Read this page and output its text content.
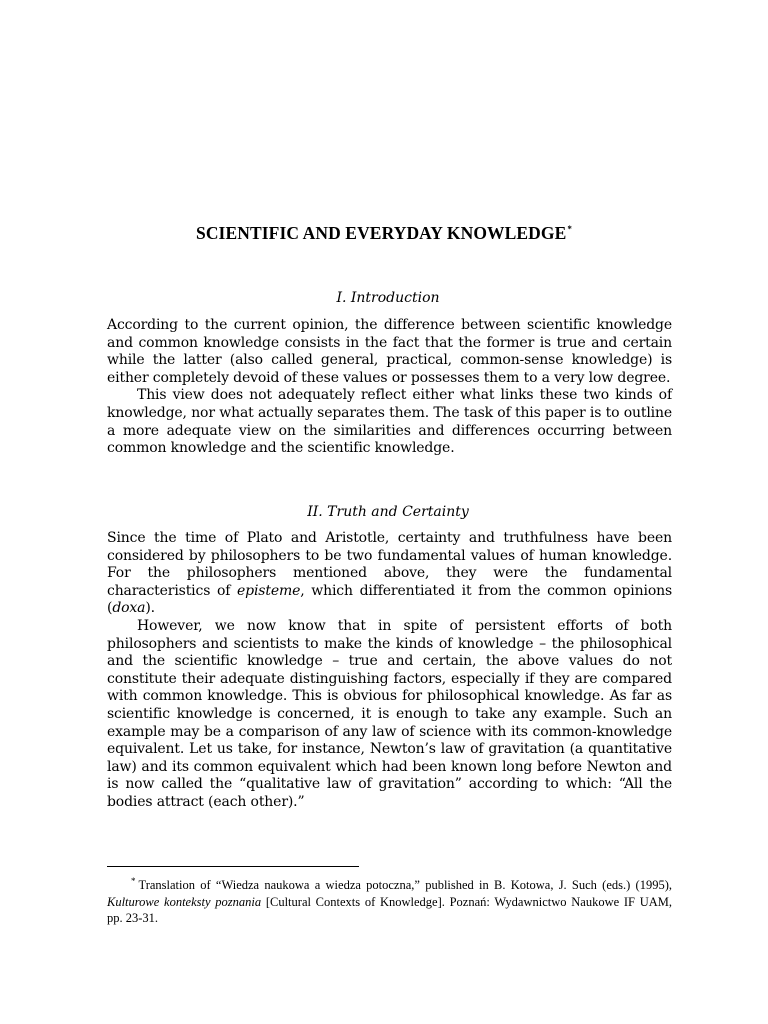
SCIENTIFIC AND EVERYDAY KNOWLEDGE*
I. Introduction

According to the current opinion, the difference between scientific knowledge and common knowledge consists in the fact that the former is true and certain while the latter (also called general, practical, common-sense knowledge) is either completely devoid of these values or possesses them to a very low degree.

This view does not adequately reflect either what links these two kinds of knowledge, nor what actually separates them. The task of this paper is to outline a more adequate view on the similarities and differences occurring between common knowledge and the scientific knowledge.

II. Truth and Certainty

Since the time of Plato and Aristotle, certainty and truthfulness have been considered by philosophers to be two fundamental values of human knowledge. For the philosophers mentioned above, they were the fundamental characteristics of episteme, which differentiated it from the common opinions (doxa).

However, we now know that in spite of persistent efforts of both philosophers and scientists to make the kinds of knowledge – the philosophical and the scientific knowledge – true and certain, the above values do not constitute their adequate distinguishing factors, especially if they are compared with common knowledge. This is obvious for philosophical knowledge. As far as scientific knowledge is concerned, it is enough to take any example. Such an example may be a comparison of any law of science with its common-knowledge equivalent. Let us take, for instance, Newton’s law of gravitation (a quantitative law) and its common equivalent which had been known long before Newton and is now called the “qualitative law of gravitation” according to which: “All the bodies attract (each other).”

* Translation of “Wiedza naukowa a wiedza potoczna,” published in B. Kotowa, J. Such (eds.) (1995), Kulturowe konteksty poznania [Cultural Contexts of Knowledge]. Poznań: Wydawnictwo Naukowe IF UAM, pp. 23-31.
